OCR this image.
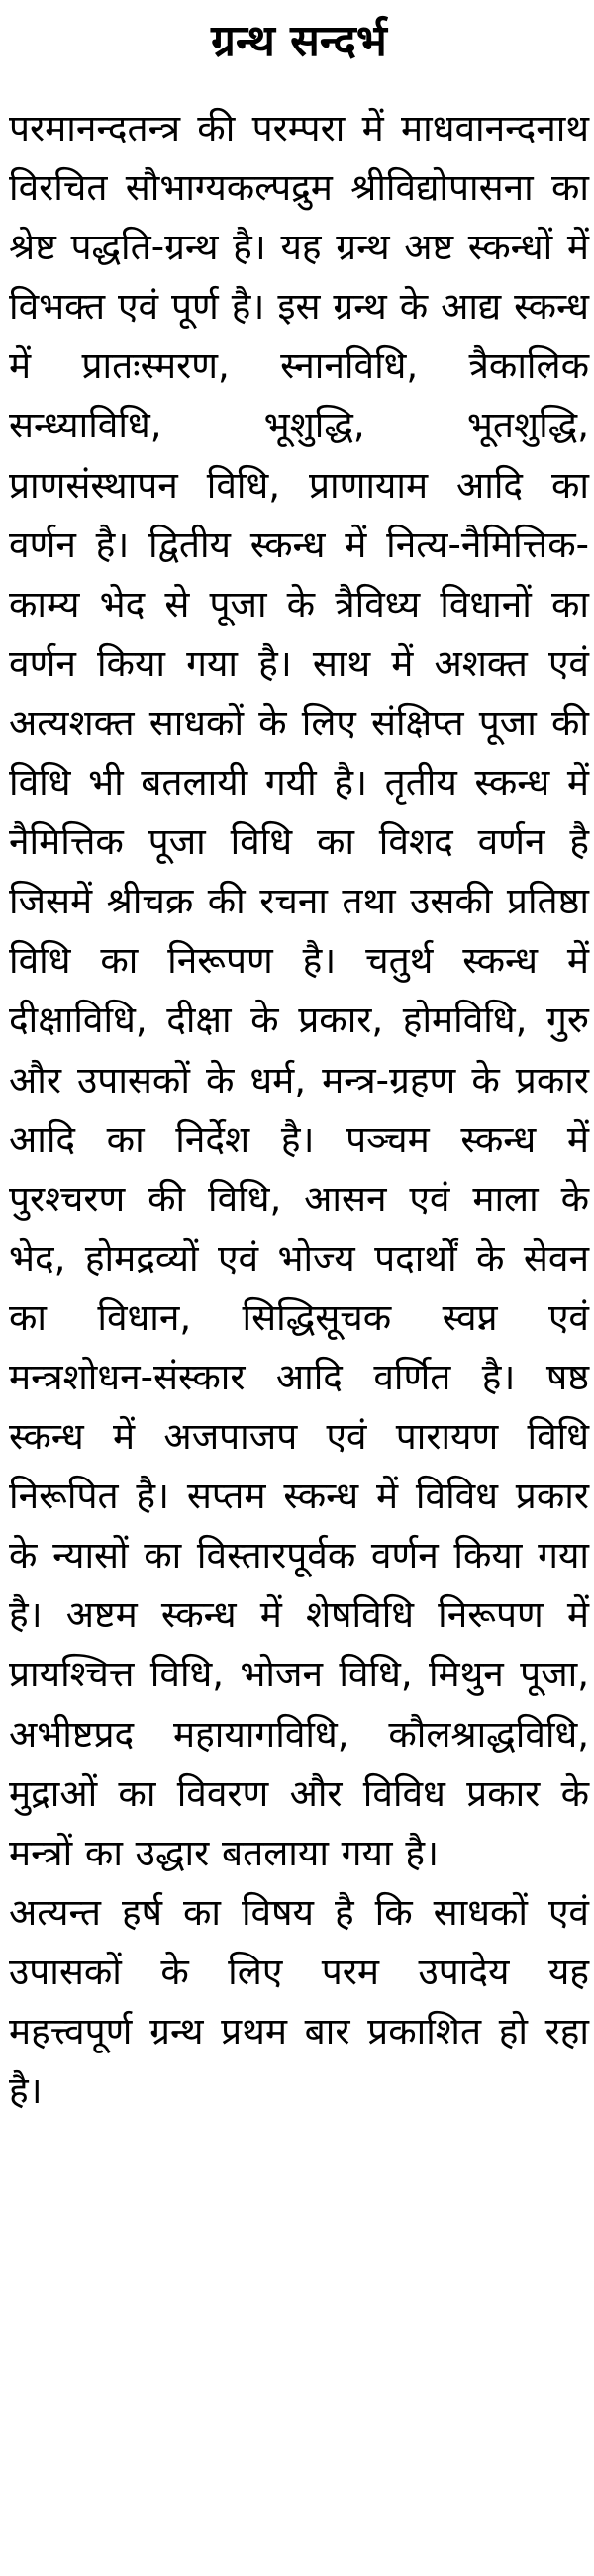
ग्रन्थ सन्दर्भ

परमानन्दतन्त्र की परम्परा में माधवानन्दनाथ विरचित सौभाग्यकल्पद्रुम श्रीविद्योपासना का श्रेष्ट पद्धति-ग्रन्थ है। यह ग्रन्थ अष्ट स्कन्धों में विभक्त एवं पूर्ण है। इस ग्रन्थ के आद्य स्कन्ध में प्रातःस्मरण, स्नानविधि, त्रैकालिक सन्ध्याविधि, भूशुद्धि, भूतशुद्धि, प्राणसंस्थापन विधि, प्राणायाम आदि का वर्णन है। द्वितीय स्कन्ध में नित्य-नैमित्तिक-काम्य भेद से पूजा के त्रैविध्य विधानों का वर्णन किया गया है। साथ में अशक्त एवं अत्यशक्त साधकों के लिए संक्षिप्त पूजा की विधि भी बतलायी गयी है। तृतीय स्कन्ध में नैमित्तिक पूजा विधि का विशद वर्णन है जिसमें श्रीचक्र की रचना तथा उसकी प्रतिष्ठा विधि का निरूपण है। चतुर्थ स्कन्ध में दीक्षाविधि, दीक्षा के प्रकार, होमविधि, गुरु और उपासकों के धर्म, मन्त्र-ग्रहण के प्रकार आदि का निर्देश है। पञ्चम स्कन्ध में पुरश्चरण की विधि, आसन एवं माला के भेद, होमद्रव्यों एवं भोज्य पदार्थों के सेवन का विधान, सिद्धिसूचक स्वप्न एवं मन्त्रशोधन-संस्कार आदि वर्णित है। षष्ठ स्कन्ध में अजपाजप एवं पारायण विधि निरूपित है। सप्तम स्कन्ध में विविध प्रकार के न्यासों का विस्तारपूर्वक वर्णन किया गया है। अष्टम स्कन्ध में शेषविधि निरूपण में प्रायश्चित्त विधि, भोजन विधि, मिथुन पूजा, अभीष्टप्रद महायागविधि, कौलश्राद्धविधि, मुद्राओं का विवरण और विविध प्रकार के मन्त्रों का उद्धार बतलाया गया है।

अत्यन्त हर्ष का विषय है कि साधकों एवं उपासकों के लिए परम उपादेय यह महत्त्वपूर्ण ग्रन्थ प्रथम बार प्रकाशित हो रहा है।
